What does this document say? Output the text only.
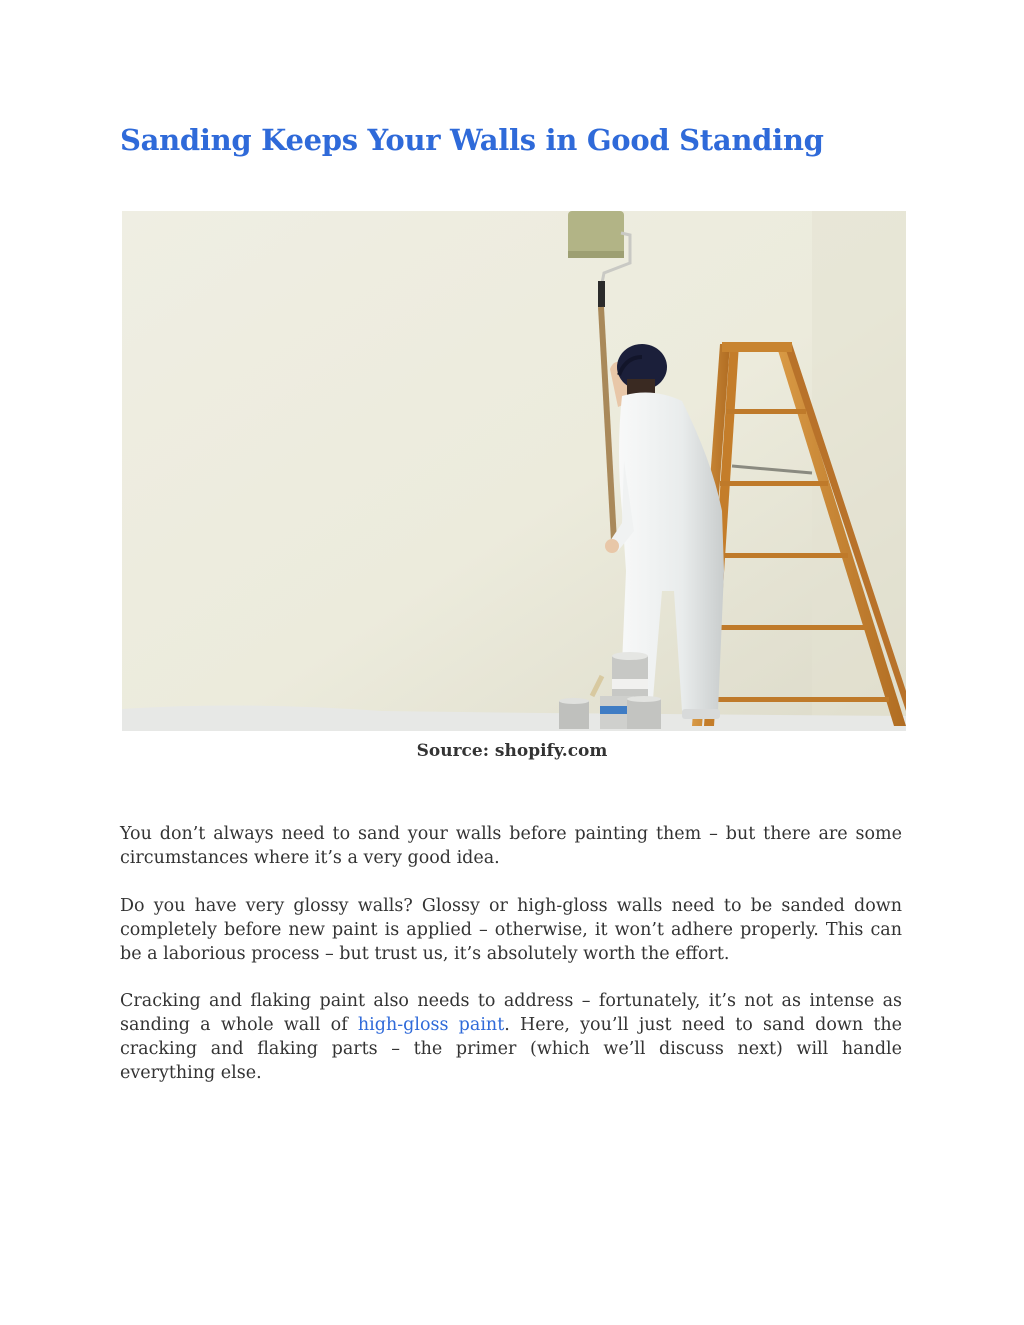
Sanding Keeps Your Walls in Good Standing
Source: shopify.com

You don’t always need to sand your walls before painting them – but there are some circumstances where it’s a very good idea.

Do you have very glossy walls? Glossy or high-gloss walls need to be sanded down completely before new paint is applied – otherwise, it won’t adhere properly. This can be a laborious process – but trust us, it’s absolutely worth the effort.

Cracking and flaking paint also needs to address – fortunately, it’s not as intense as sanding a whole wall of high-gloss paint. Here, you’ll just need to sand down the cracking and flaking parts – the primer (which we’ll discuss next) will handle everything else.
